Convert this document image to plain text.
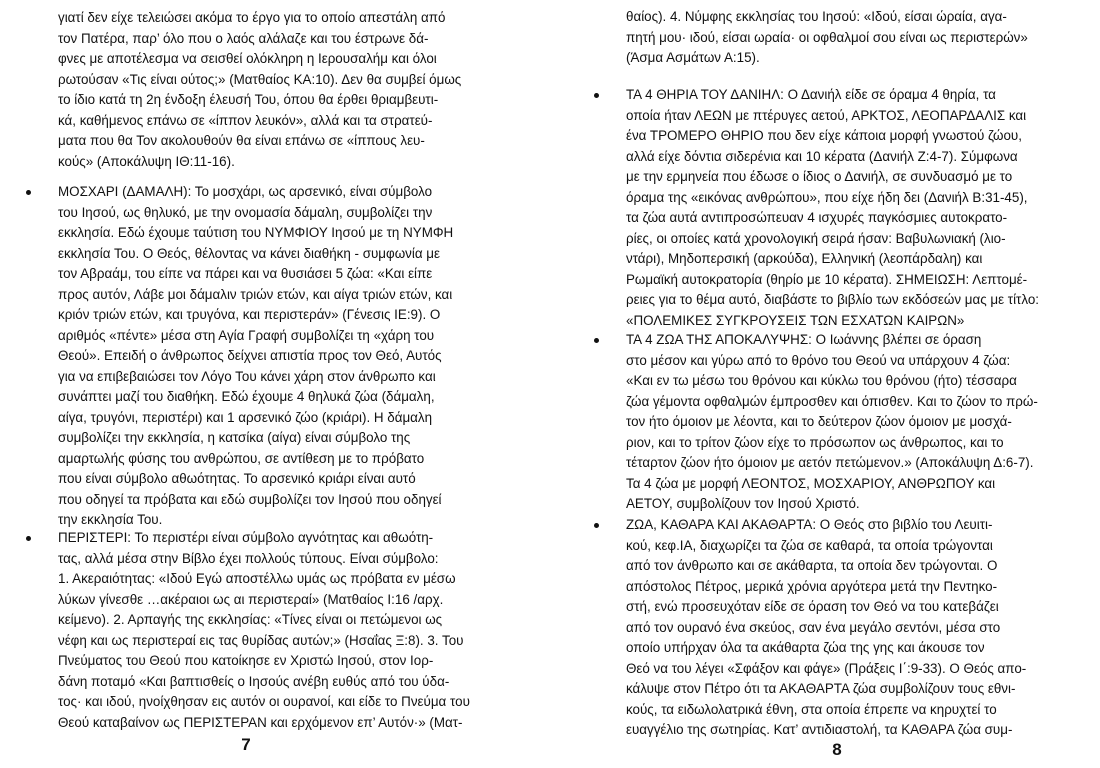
γιατί δεν είχε τελειώσει ακόμα το έργο για το οποίο απεστάλη από
τον Πατέρα, παρ’ όλο που ο λαός αλάλαζε και του έστρωνε δά-
φνες με αποτέλεσμα να σεισθεί ολόκληρη η Ιερουσαλήμ και όλοι
ρωτούσαν «Τις είναι ούτος;» (Ματθαίος ΚΑ:10). Δεν θα συμβεί όμως
το ίδιο κατά τη 2η ένδοξη έλευσή Του, όπου θα έρθει θριαμβευτι-
κά, καθήμενος επάνω σε «ίππον λευκόν», αλλά και τα στρατεύ-
ματα που θα Τον ακολουθούν θα είναι επάνω σε «ίππους λευ-
κούς» (Αποκάλυψη ΙΘ:11-16).
ΜΟΣΧΑΡΙ (ΔΑΜΑΛΗ): Το μοσχάρι, ως αρσενικό, είναι σύμβολο
του Ιησού, ως θηλυκό, με την ονομασία δάμαλη, συμβολίζει την
εκκλησία. Εδώ έχουμε ταύτιση του ΝΥΜΦΙΟΥ Ιησού με τη ΝΥΜΦΗ
εκκλησία Του. Ο Θεός, θέλοντας να κάνει διαθήκη - συμφωνία με
τον Αβραάμ, του είπε να πάρει και να θυσιάσει 5 ζώα: «Και είπε
προς αυτόν, Λάβε μοι δάμαλιν τριών ετών, και αίγα τριών ετών, και
κριόν τριών ετών, και τρυγόνα, και περιστεράν» (Γένεσις ΙΕ:9). Ο
αριθμός «πέντε» μέσα στη Αγία Γραφή συμβολίζει τη «χάρη του
Θεού». Επειδή ο άνθρωπος δείχνει απιστία προς τον Θεό, Αυτός
για να επιβεβαιώσει τον Λόγο Του κάνει χάρη στον άνθρωπο και
συνάπτει μαζί του διαθήκη. Εδώ έχουμε 4 θηλυκά ζώα (δάμαλη,
αίγα, τρυγόνι, περιστέρι) και 1 αρσενικό ζώο (κριάρι). Η δάμαλη
συμβολίζει την εκκλησία, η κατσίκα (αίγα) είναι σύμβολο της
αμαρτωλής φύσης του ανθρώπου, σε αντίθεση με το πρόβατο
που είναι σύμβολο αθωότητας. Το αρσενικό κριάρι είναι αυτό
που οδηγεί τα πρόβατα και εδώ συμβολίζει τον Ιησού που οδηγεί
την εκκλησία Του.
ΠΕΡΙΣΤΕΡΙ: Το περιστέρι είναι σύμβολο αγνότητας και αθωότη-
τας, αλλά μέσα στην Βίβλο έχει πολλούς τύπους. Είναι σύμβολο:
1. Ακεραιότητας: «Ιδού Εγώ αποστέλλω υμάς ως πρόβατα εν μέσω
λύκων γίνεσθε …ακέραιοι ως αι περιστεραί» (Ματθαίος Ι:16 /αρχ.
κείμενο). 2. Αρπαγής της εκκλησίας: «Τίνες είναι οι πετώμενοι ως
νέφη και ως περιστεραί εις τας θυρίδας αυτών;» (Ησαΐας Ξ:8). 3. Του
Πνεύματος του Θεού που κατοίκησε εν Χριστώ Ιησού, στον Ιορ-
δάνη ποταμό «Και βαπτισθείς ο Ιησούς ανέβη ευθύς από του ύδα-
τος· και ιδού, ηνοίχθησαν εις αυτόν οι ουρανοί, και είδε το Πνεύμα του
Θεού καταβαίνον ως ΠΕΡΙΣΤΕΡΑΝ και ερχόμενον επ’ Αυτόν·» (Ματ-
θαίος). 4. Νύμφης εκκλησίας του Ιησού: «Ιδού, είσαι ώραία, αγα-
πητή μου· ιδού, είσαι ωραία· οι οφθαλμοί σου είναι ως περιστερών»
(Άσμα Ασμάτων Α:15).
ΤΑ 4 ΘΗΡΙΑ ΤΟΥ ΔΑΝΙΗΛ: Ο Δανιήλ είδε σε όραμα 4 θηρία, τα
οποία ήταν ΛΕΩΝ με πτέρυγες αετού, ΑΡΚΤΟΣ, ΛΕΟΠΑΡΔΑΛΙΣ και
ένα ΤΡΟΜΕΡΟ ΘΗΡΙΟ που δεν είχε κάποια μορφή γνωστού ζώου,
αλλά είχε δόντια σιδερένια και 10 κέρατα (Δανιήλ Ζ:4-7). Σύμφωνα
με την ερμηνεία που έδωσε ο ίδιος ο Δανιήλ, σε συνδυασμό με το
όραμα της «εικόνας ανθρώπου», που είχε ήδη δει (Δανιήλ Β:31-45),
τα ζώα αυτά αντιπροσώπευαν 4 ισχυρές παγκόσμιες αυτοκρατο-
ρίες, οι οποίες κατά χρονολογική σειρά ήσαν: Βαβυλωνιακή (λιο-
ντάρι), Μηδοπερσική (αρκούδα), Ελληνική (λεοπάρδαλη) και
Ρωμαϊκή αυτοκρατορία (θηρίο με 10 κέρατα). ΣΗΜΕΙΩΣΗ: Λεπτομέ-
ρειες για το θέμα αυτό, διαβάστε το βιβλίο των εκδόσεών μας με τίτλο:
«ΠΟΛΕΜΙΚΕΣ ΣΥΓΚΡΟΥΣΕΙΣ ΤΩΝ ΕΣΧΑΤΩΝ ΚΑΙΡΩΝ»
ΤΑ 4 ΖΩΑ ΤΗΣ ΑΠΟΚΑΛΥΨΗΣ: Ο Ιωάννης βλέπει σε όραση
στο μέσον και γύρω από το θρόνο του Θεού να υπάρχουν 4 ζώα:
«Και εν τω μέσω του θρόνου και κύκλω του θρόνου (ήτο) τέσσαρα
ζώα γέμοντα οφθαλμών έμπροσθεν και όπισθεν. Και το ζώον το πρώ-
τον ήτο όμοιον με λέοντα, και το δεύτερον ζώον όμοιον με μοσχά-
ριον, και το τρίτον ζώον είχε το πρόσωπον ως άνθρωπος, και το
τέταρτον ζώον ήτο όμοιον με αετόν πετώμενον.» (Αποκάλυψη Δ:6-7).
Τα 4 ζώα με μορφή ΛΕΟΝΤΟΣ, ΜΟΣΧΑΡΙΟΥ, ΑΝΘΡΩΠΟΥ και
ΑΕΤΟΥ, συμβολίζουν τον Ιησού Χριστό.
ΖΩΑ, ΚΑΘΑΡΑ ΚΑΙ ΑΚΑΘΑΡΤΑ: Ο Θεός στο βιβλίο του Λευιτι-
κού, κεφ.ΙΑ, διαχωρίζει τα ζώα σε καθαρά, τα οποία τρώγονται
από τον άνθρωπο και σε ακάθαρτα, τα οποία δεν τρώγονται. Ο
απόστολος Πέτρος, μερικά χρόνια αργότερα μετά την Πεντηκο-
στή, ενώ προσευχόταν είδε σε όραση τον Θεό να του κατεβάζει
από τον ουρανό ένα σκεύος, σαν ένα μεγάλο σεντόνι, μέσα στο
οποίο υπήρχαν όλα τα ακάθαρτα ζώα της γης και άκουσε τον
Θεό να του λέγει «Σφάξον και φάγε» (Πράξεις Ι΄:9-33). Ο Θεός απο-
κάλυψε στον Πέτρο ότι τα ΑΚΑΘΑΡΤΑ ζώα συμβολίζουν τους εθνι-
κούς, τα ειδωλολατρικά έθνη, στα οποία έπρεπε να κηρυχτεί το
ευαγγέλιο της σωτηρίας. Κατ’ αντιδιαστολή, τα ΚΑΘΑΡΑ ζώα συμ-
7	8
